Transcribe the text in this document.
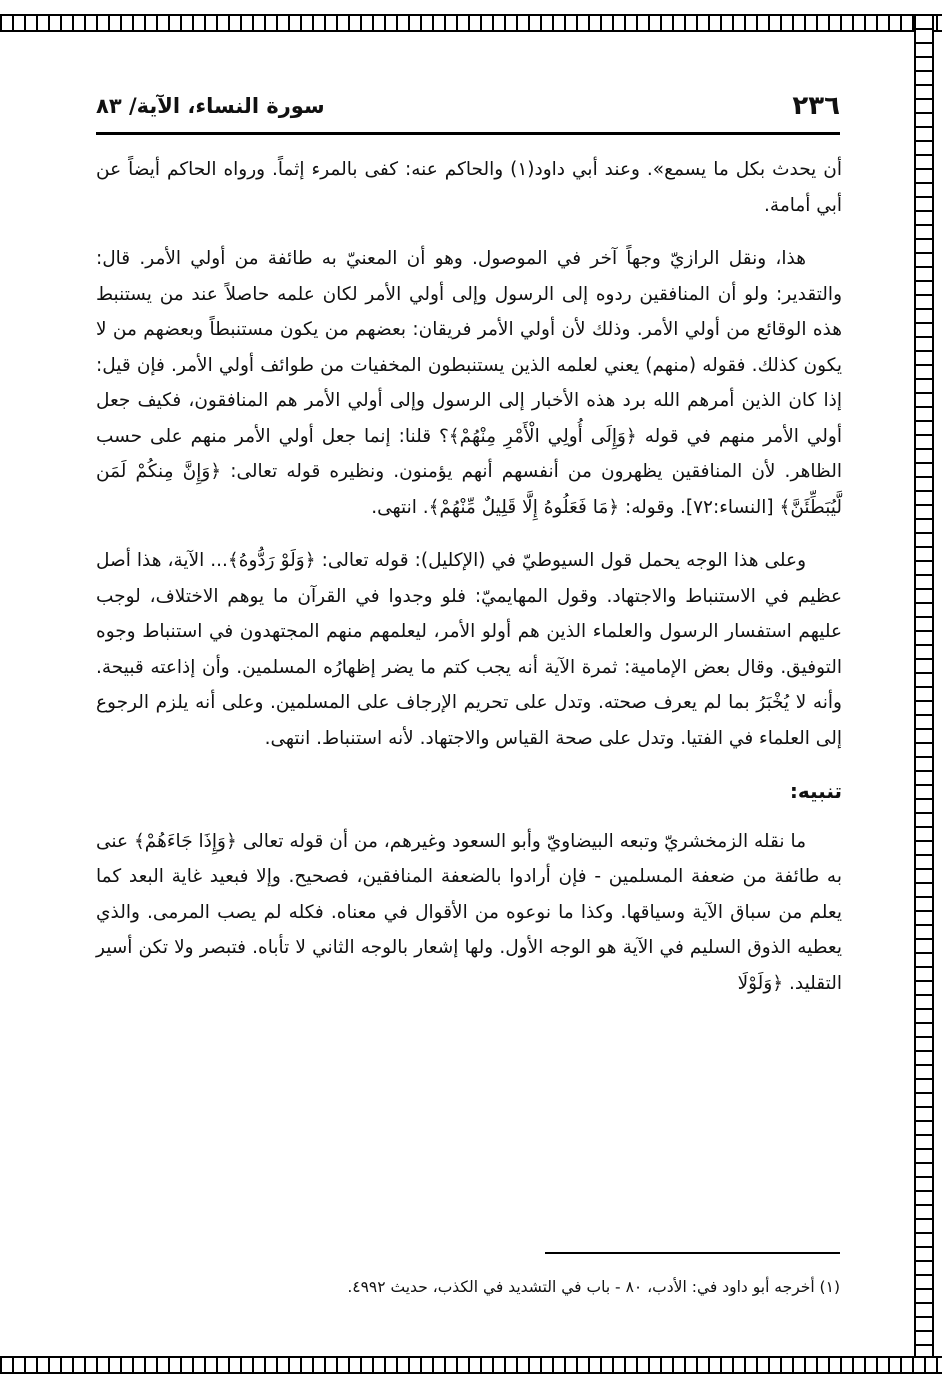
٢٣٦
سورة النساء، الآية/ ٨٣

أن يحدث بكل ما يسمع». وعند أبي داود(١) والحاكم عنه: كفى بالمرء إثماً. ورواه الحاكم أيضاً عن أبي أمامة.

هذا، ونقل الرازيّ وجهاً آخر في الموصول. وهو أن المعنيّ به طائفة من أولي الأمر. قال: والتقدير: ولو أن المنافقين ردوه إلى الرسول وإلى أولي الأمر لكان علمه حاصلاً عند من يستنبط هذه الوقائع من أولي الأمر. وذلك لأن أولي الأمر فريقان: بعضهم من يكون مستنبطاً وبعضهم من لا يكون كذلك. فقوله (منهم) يعني لعلمه الذين يستنبطون المخفيات من طوائف أولي الأمر. فإن قيل: إذا كان الذين أمرهم الله برد هذه الأخبار إلى الرسول وإلى أولي الأمر هم المنافقون، فكيف جعل أولي الأمر منهم في قوله ﴿وَإِلَى أُولِي الْأَمْرِ مِنْهُمْ﴾؟ قلنا: إنما جعل أولي الأمر منهم على حسب الظاهر. لأن المنافقين يظهرون من أنفسهم أنهم يؤمنون. ونظيره قوله تعالى: ﴿وَإِنَّ مِنكُمْ لَمَن لَّيُبَطِّئَنَّ﴾ [النساء:٧٢]. وقوله: ﴿مَا فَعَلُوهُ إِلَّا قَلِيلٌ مِّنْهُمْ﴾. انتهى.

وعلى هذا الوجه يحمل قول السيوطيّ في (الإكليل): قوله تعالى: ﴿وَلَوْ رَدُّوهُ﴾... الآية، هذا أصل عظيم في الاستنباط والاجتهاد. وقول المهايميّ: فلو وجدوا في القرآن ما يوهم الاختلاف، لوجب عليهم استفسار الرسول والعلماء الذين هم أولو الأمر، ليعلمهم منهم المجتهدون في استنباط وجوه التوفيق. وقال بعض الإمامية: ثمرة الآية أنه يجب كتم ما يضر إظهارُه المسلمين. وأن إذاعته قبيحة. وأنه لا يُخْبَرُ بما لم يعرف صحته. وتدل على تحريم الإرجاف على المسلمين. وعلى أنه يلزم الرجوع إلى العلماء في الفتيا. وتدل على صحة القياس والاجتهاد. لأنه استنباط. انتهى.

تنبيه:

ما نقله الزمخشريّ وتبعه البيضاويّ وأبو السعود وغيرهم، من أن قوله تعالى ﴿وَإِذَا جَاءَهُمْ﴾ عنى به طائفة من ضعفة المسلمين - فإن أرادوا بالضعفة المنافقين، فصحيح. وإلا فبعيد غاية البعد كما يعلم من سباق الآية وسياقها. وكذا ما نوعوه من الأقوال في معناه. فكله لم يصب المرمى. والذي يعطيه الذوق السليم في الآية هو الوجه الأول. ولها إشعار بالوجه الثاني لا تأباه. فتبصر ولا تكن أسير التقليد. ﴿وَلَوْلَا

(١) أخرجه أبو داود في: الأدب، ٨٠ - باب في التشديد في الكذب، حديث ٤٩٩٢.
